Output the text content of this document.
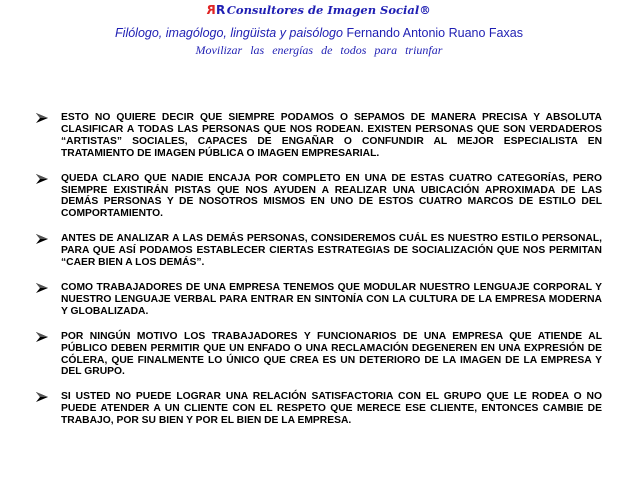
RR Consultores de Imagen Social®
Filólogo, imagólogo, lingüista y paisólogo Fernando Antonio Ruano Faxas
Movilizar las energías de todos para triunfar
ESTO NO QUIERE DECIR QUE SIEMPRE PODAMOS O SEPAMOS DE MANERA PRECISA Y ABSOLUTA CLASIFICAR A TODAS LAS PERSONAS QUE NOS RODEAN. EXISTEN PERSONAS QUE SON VERDADEROS “ARTISTAS” SOCIALES, CAPACES DE ENGAÑAR O CONFUNDIR AL MEJOR ESPECIALISTA EN TRATAMIENTO DE IMAGEN PÚBLICA O IMAGEN EMPRESARIAL.
QUEDA CLARO QUE NADIE ENCAJA POR COMPLETO EN UNA DE ESTAS CUATRO CATEGORÍAS, PERO SIEMPRE EXISTIRÁN PISTAS QUE NOS AYUDEN A REALIZAR UNA UBICACIÓN APROXIMADA DE LAS DEMÁS PERSONAS Y DE NOSOTROS MISMOS EN UNO DE ESTOS CUATRO MARCOS DE ESTILO DEL COMPORTAMIENTO.
ANTES DE ANALIZAR A LAS DEMÁS PERSONAS, CONSIDEREMOS CUÁL ES NUESTRO ESTILO PERSONAL, PARA QUE ASÍ PODAMOS ESTABLECER CIERTAS ESTRATEGIAS DE SOCIALIZACIÓN QUE NOS PERMITAN “CAER BIEN A LOS DEMÁS”.
COMO TRABAJADORES DE UNA EMPRESA TENEMOS QUE MODULAR NUESTRO LENGUAJE CORPORAL Y NUESTRO LENGUAJE VERBAL PARA ENTRAR EN SINTONÍA CON LA CULTURA DE LA EMPRESA MODERNA Y GLOBALIZADA.
POR NINGÚN MOTIVO LOS TRABAJADORES Y FUNCIONARIOS DE UNA EMPRESA QUE ATIENDE AL PÚBLICO DEBEN PERMITIR QUE UN ENFADO O UNA RECLAMACIÓN DEGENEREN EN UNA EXPRESIÓN DE CÓLERA, QUE FINALMENTE LO ÚNICO QUE CREA ES UN DETERIORO DE LA IMAGEN DE LA EMPRESA Y DEL GRUPO.
SI USTED NO PUEDE LOGRAR UNA RELACIÓN SATISFACTORIA CON EL GRUPO QUE LE RODEA O NO PUEDE ATENDER A UN CLIENTE CON EL RESPETO QUE MERECE ESE CLIENTE, ENTONCES CAMBIE DE TRABAJO, POR SU BIEN Y POR EL BIEN DE LA EMPRESA.
